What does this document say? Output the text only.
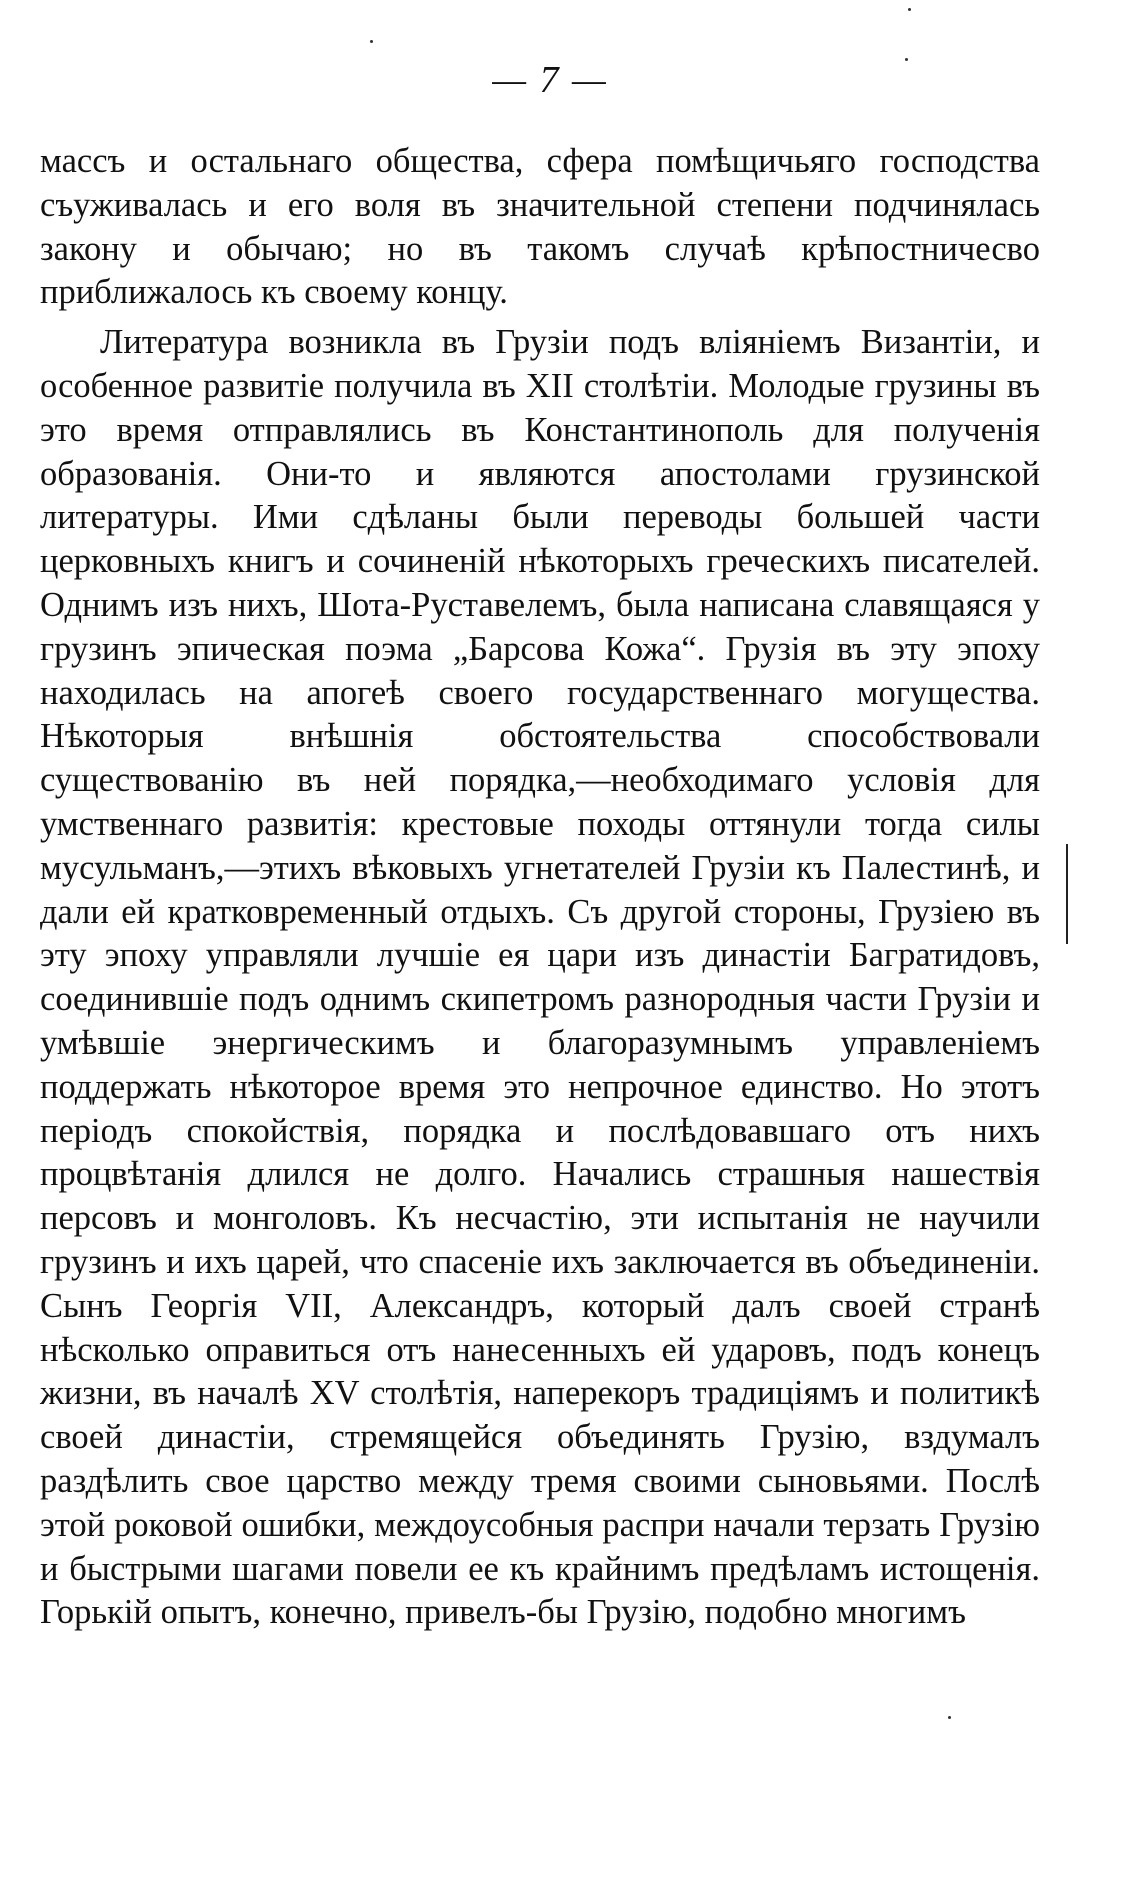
— 7 —

массъ и остальнаго общества, сфера помѣщичьяго господства съуживалась и его воля въ значительной степени подчинялась закону и обычаю; но въ такомъ случаѣ крѣпостничесво приближалось къ своему концу.

Литература возникла въ Грузіи подъ вліяніемъ Византіи, и особенное развитіе получила въ XII столѣтіи. Молодые грузины въ это время отправлялись въ Константинополь для полученія образованія. Они-то и являются апостолами грузинской литературы. Ими сдѣланы были переводы большей части церковныхъ книгъ и сочиненій нѣкоторыхъ греческихъ писателей. Однимъ изъ нихъ, Шота-Руставелемъ, была написана славящаяся у грузинъ эпическая поэма „Барсова Кожа“. Грузія въ эту эпоху находилась на апогеѣ своего государственнаго могущества. Нѣкоторыя внѣшнія обстоятельства способствовали существованію въ ней порядка,—необходимаго условія для умственнаго развитія: крестовые походы оттянули тогда силы мусульманъ,—этихъ вѣковыхъ угнетателей Грузіи къ Палестинѣ, и дали ей кратковременный отдыхъ. Съ другой стороны, Грузіею въ эту эпоху управляли лучшіе ея цари изъ династіи Багратидовъ, соединившіе подъ однимъ скипетромъ разнородныя части Грузіи и умѣвшіе энергическимъ и благоразумнымъ управленіемъ поддержать нѣкоторое время это непрочное единство. Но этотъ періодъ спокойствія, порядка и послѣдовавшаго отъ нихъ процвѣтанія длился не долго. Начались страшныя нашествія персовъ и монголовъ. Къ несчастію, эти испытанія не научили грузинъ и ихъ царей, что спасеніе ихъ заключается въ объединеніи. Сынъ Георгія VII, Александръ, который далъ своей странѣ нѣсколько оправиться отъ нанесенныхъ ей ударовъ, подъ конецъ жизни, въ началѣ XV столѣтія, наперекоръ традиціямъ и политикѣ своей династіи, стремящейся объединять Грузію, вздумалъ раздѣлить свое царство между тремя своими сыновьями. Послѣ этой роковой ошибки, междоусобныя распри начали терзать Грузію и быстрыми шагами повели ее къ крайнимъ предѣламъ истощенія. Горькій опытъ, конечно, привелъ-бы Грузію, подобно многимъ
